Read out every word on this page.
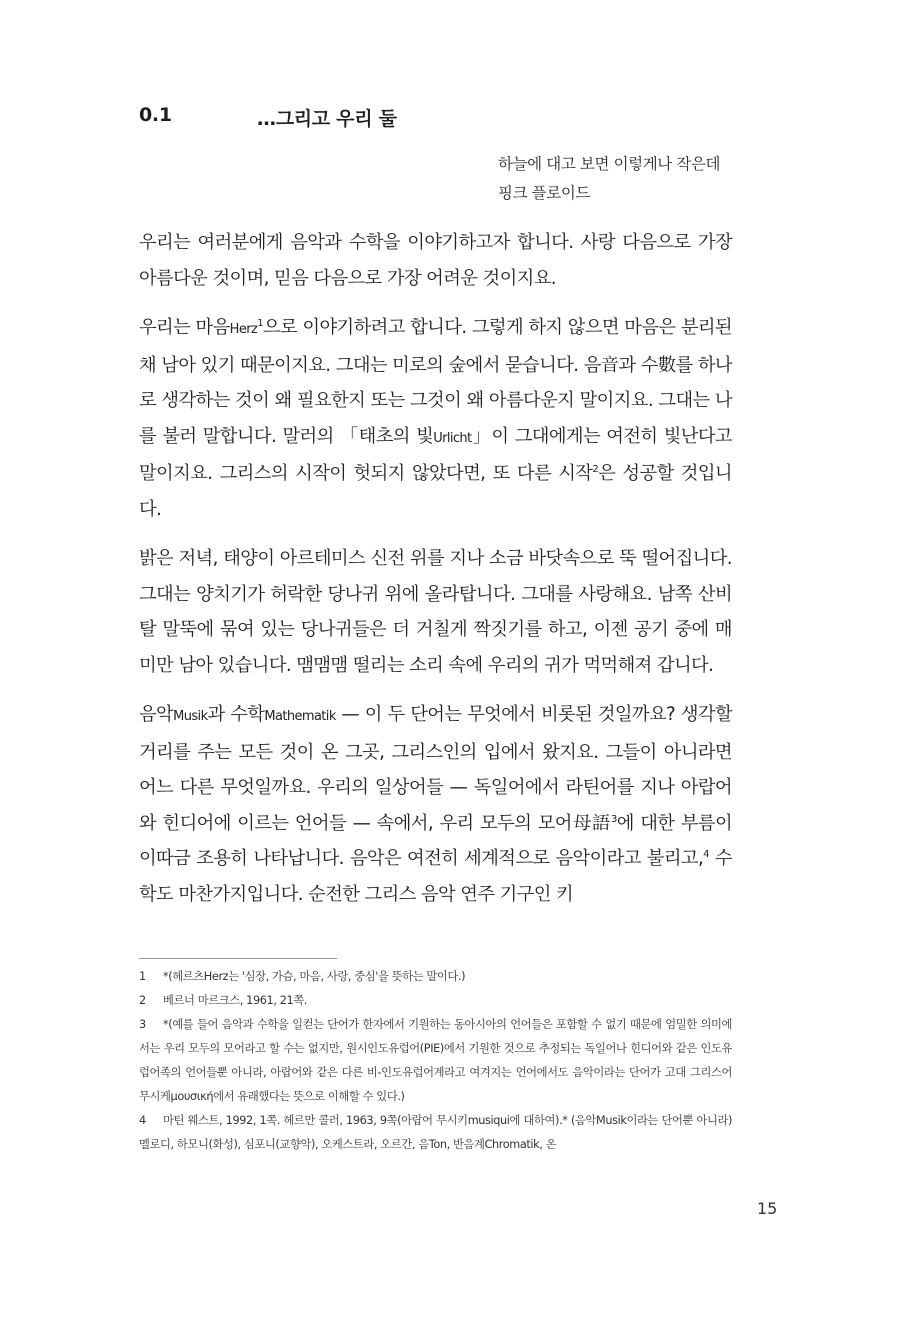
0.1	…그리고 우리 둘
하늘에 대고 보면 이렇게나 작은데
핑크 플로이드

우리는 여러분에게 음악과 수학을 이야기하고자 합니다. 사랑 다음으로 가장 아름다운 것이며, 믿음 다음으로 가장 어려운 것이지요.

우리는 마음Herz$^1$으로 이야기하려고 합니다. 그렇게 하지 않으면 마음은 분리된 채 남아 있기 때문이지요. 그대는 미로의 숲에서 묻습니다. 음音과 수數를 하나로 생각하는 것이 왜 필요한지 또는 그것이 왜 아름다운지 말이지요. 그대는 나를 불러 말합니다. 말러의 「태초의 빛Urlicht」이 그대에게는 여전히 빛난다고 말이지요. 그리스의 시작이 헛되지 않았다면, 또 다른 시작$^2$은 성공할 것입니다.

밝은 저녁, 태양이 아르테미스 신전 위를 지나 소금 바닷속으로 뚝 떨어집니다. 그대는 양치기가 허락한 당나귀 위에 올라탑니다. 그대를 사랑해요. 남쪽 산비탈 말뚝에 묶여 있는 당나귀들은 더 거칠게 짝짓기를 하고, 이젠 공기 중에 매미만 남아 있습니다. 맴맴맴 떨리는 소리 속에 우리의 귀가 먹먹해져 갑니다.

음악Musik과 수학Mathematik — 이 두 단어는 무엇에서 비롯된 것일까요? 생각할 거리를 주는 모든 것이 온 그곳, 그리스인의 입에서 왔지요. 그들이 아니라면 어느 다른 무엇일까요. 우리의 일상어들 — 독일어에서 라틴어를 지나 아랍어와 힌디어에 이르는 언어들 — 속에서, 우리 모두의 모어母語$^3$에 대한 부름이 이따금 조용히 나타납니다. 음악은 여전히 세계적으로 음악이라고 불리고,$^4$ 수학도 마찬가지입니다. 순전한 그리스 음악 연주 기구인 키

1 *(헤르츠Herz는 '심장, 가슴, 마음, 사랑, 중심'을 뜻하는 말이다.)

2 베르너 마르크스, 1961, 21쪽.

3 *(예를 들어 음악과 수학을 일컫는 단어가 한자에서 기원하는 동아시아의 언어들은 포함할 수 없기 때문에 엄밀한 의미에서는 우리 모두의 모어라고 할 수는 없지만, 원시인도유럽어(PIE)에서 기원한 것으로 추정되는 독일어나 힌디어와 같은 인도유럽어족의 언어들뿐 아니라, 아랍어와 같은 다른 비-인도유럽어계라고 여겨지는 언어에서도 음악이라는 단어가 고대 그리스어 무시케μουσική에서 유래했다는 뜻으로 이해할 수 있다.)

4 마틴 웨스트, 1992, 1쪽. 헤르만 콜러, 1963, 9쪽(아랍어 무시키musiqui에 대하여).* (음악Musik이라는 단어뿐 아니라) 멜로디, 하모니(화성), 심포니(교향악), 오케스트라, 오르간, 음Ton, 반음계Chromatik, 온

15
